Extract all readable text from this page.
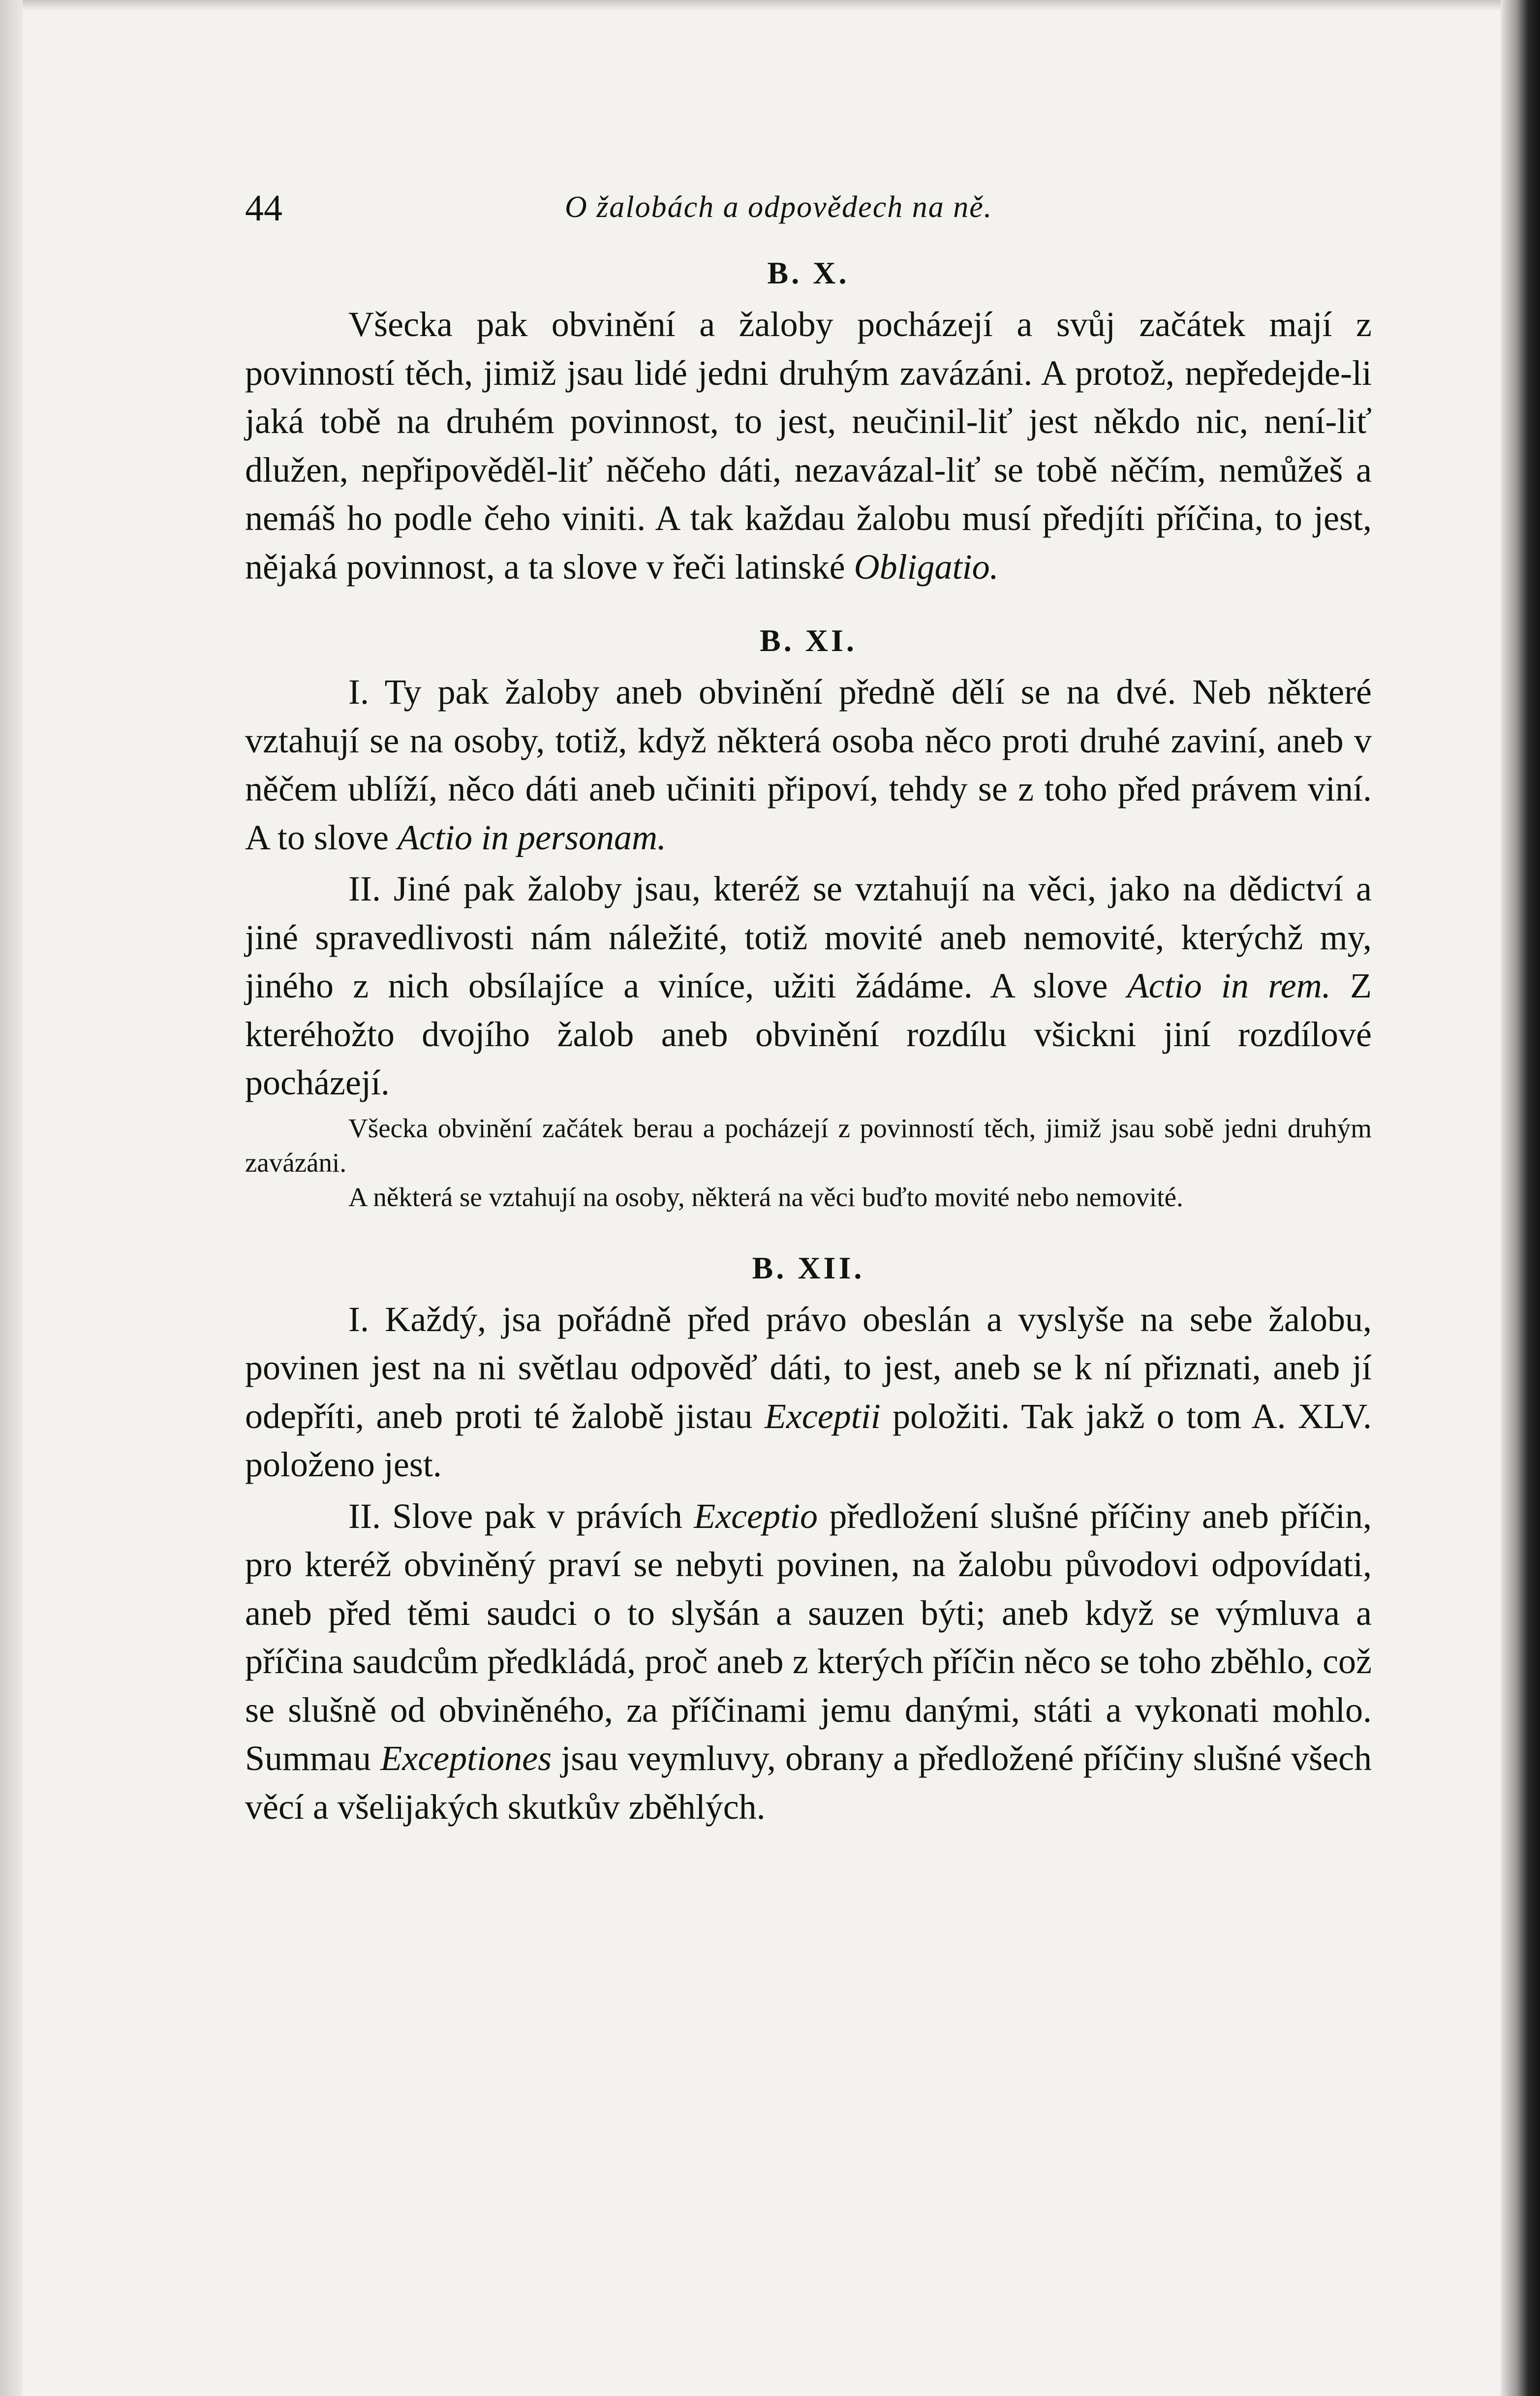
44	O žalobách a odpovědech na ně.
B. X.

Všecka pak obvinění a žaloby pocházejí a svůj začátek mají z povinností těch, jimiž jsau lidé jedni druhým zavázáni. A protož, nepředejde-li jaká tobě na druhém povinnost, to jest, neučinil-liť jest někdo nic, není-liť dlužen, nepřipověděl-liť něčeho dáti, nezavázal-liť se tobě něčím, nemůžeš a nemáš ho podle čeho viniti. A tak každau žalobu musí předjíti příčina, to jest, nějaká povinnost, a ta slove v řeči latinské Obligatio.

B. XI.

I. Ty pak žaloby aneb obvinění předně dělí se na dvé. Neb některé vztahují se na osoby, totiž, když některá osoba něco proti druhé zaviní, aneb v něčem ublíží, něco dáti aneb učiniti připoví, tehdy se z toho před právem viní. A to slove Actio in personam.

II. Jiné pak žaloby jsau, kteréž se vztahují na věci, jako na dědictví a jiné spravedlivosti nám náležité, totiž movité aneb nemovité, kterýchž my, jiného z nich obsílajíce a viníce, užiti žádáme. A slove Actio in rem. Z kteréhožto dvojího žalob aneb obvinění rozdílu všickni jiní rozdílové pocházejí.

Všecka obvinění začátek berau a pocházejí z povinností těch, jimiž jsau sobě jedni druhým zavázáni.

A některá se vztahují na osoby, některá na věci buďto movité nebo nemovité.

B. XII.

I. Každý, jsa pořádně před právo obeslán a vyslyše na sebe žalobu, povinen jest na ni světlau odpověď dáti, to jest, aneb se k ní přiznati, aneb jí odepříti, aneb proti té žalobě jistau Exceptii položiti. Tak jakž o tom A. XLV. položeno jest.

II. Slove pak v právích Exceptio předložení slušné příčiny aneb příčin, pro kteréž obviněný praví se nebyti povinen, na žalobu původovi odpovídati, aneb před těmi saudci o to slyšán a sauzen býti; aneb když se výmluva a příčina saudcům předkládá, proč aneb z kterých příčin něco se toho zběhlo, což se slušně od obviněného, za příčinami jemu danými, státi a vykonati mohlo. Summau Exceptiones jsau veymluvy, obrany a předložené příčiny slušné všech věcí a všelijakých skutkův zběhlých.
